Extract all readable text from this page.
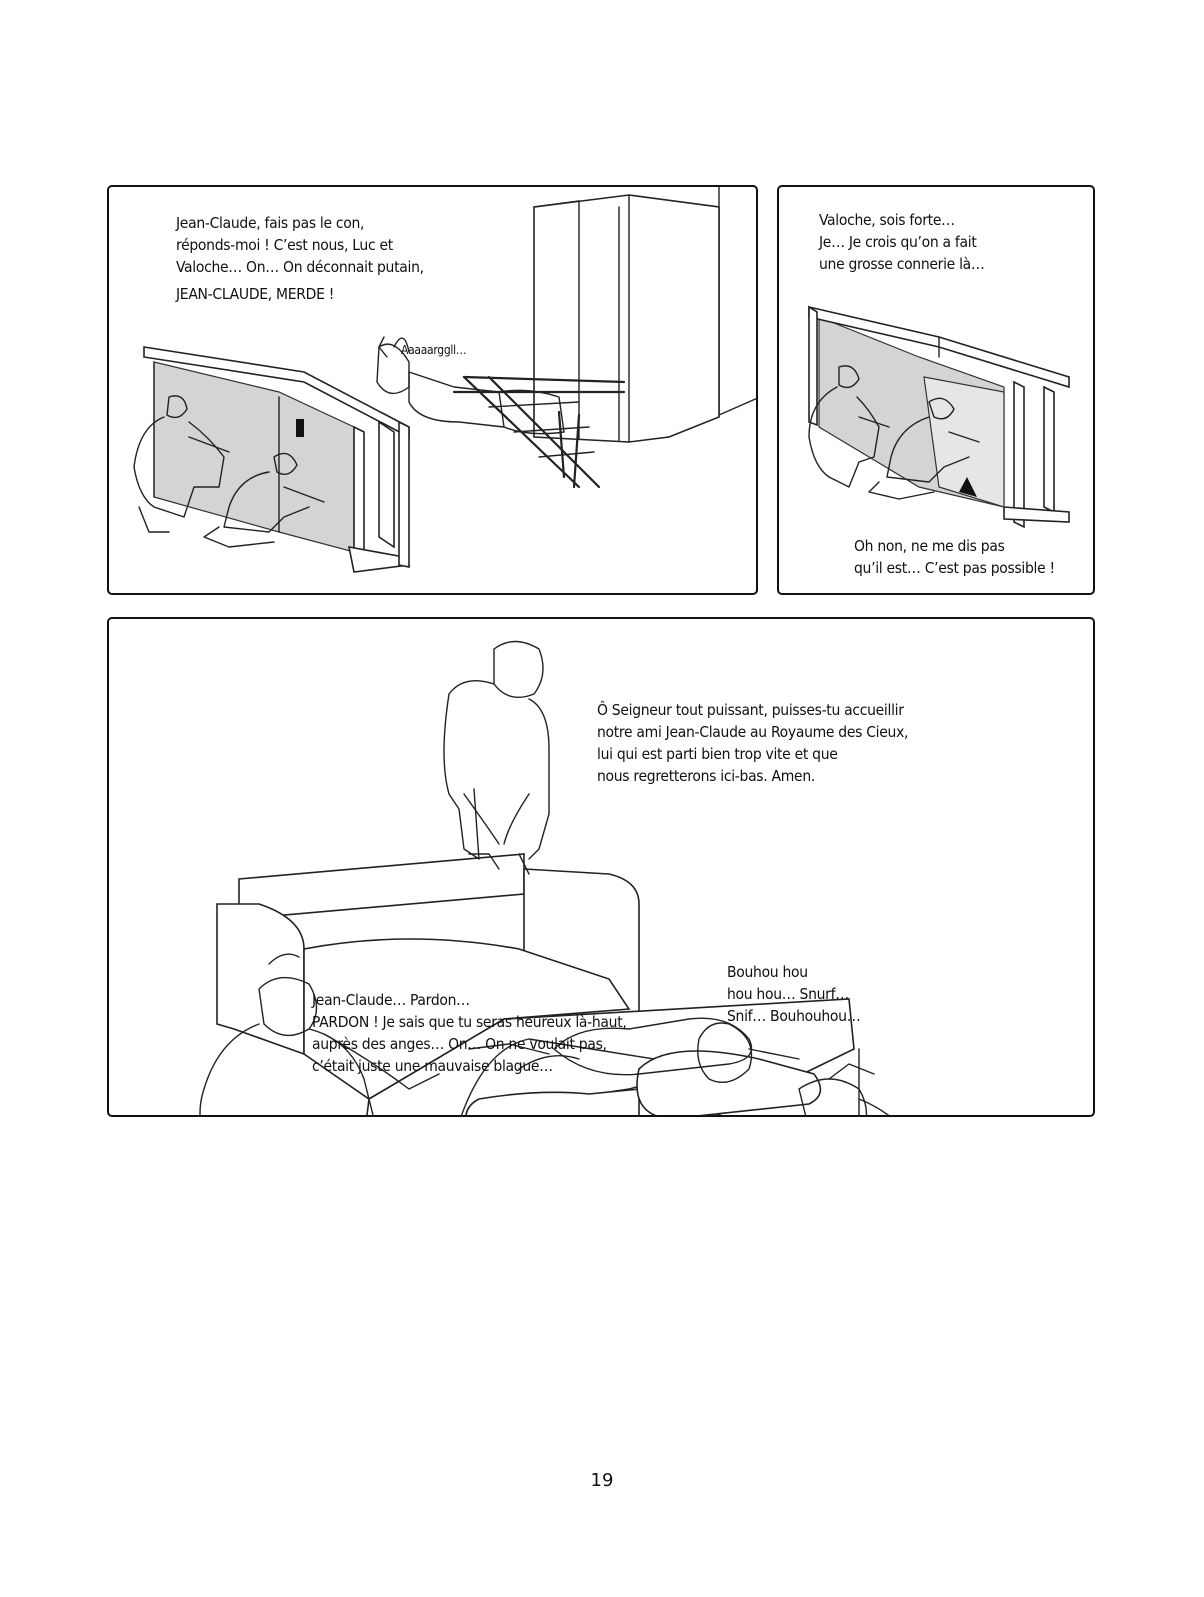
Jean-Claude, fais pas le con,
réponds-moi ! C’est nous, Luc et
Valoche… On… On déconnait putain,
JEAN-CLAUDE, MERDE !
Aaaaarggll…
Valoche, sois forte…
Je… Je crois qu’on a fait
une grosse connerie là…
Oh non, ne me dis pas
qu’il est… C’est pas possible !
Ô Seigneur tout puissant, puisses-tu accueillir
notre ami Jean-Claude au Royaume des Cieux,
lui qui est parti bien trop vite et que
nous regretterons ici-bas. Amen.
Jean-Claude… Pardon…
PARDON ! Je sais que tu seras heureux là-haut,
auprès des anges… On… On ne voulait pas,
c’était juste une mauvaise blague…
Bouhou hou
hou hou… Snurf…
Snif… Bouhouhou…
19
